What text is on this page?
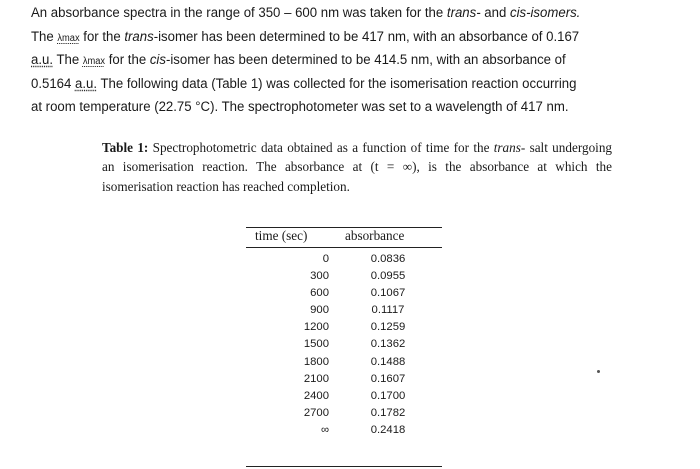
An absorbance spectra in the range of 350 – 600 nm was taken for the trans- and cis-isomers.
The λmax for the trans-isomer has been determined to be 417 nm, with an absorbance of 0.167
a.u. The λmax for the cis-isomer has been determined to be 414.5 nm, with an absorbance of
0.5164 a.u. The following data (Table 1) was collected for the isomerisation reaction occurring
at room temperature (22.75 °C). The spectrophotometer was set to a wavelength of 417 nm.
Table 1: Spectrophotometric data obtained as a function of time for the trans- salt undergoing an isomerisation reaction. The absorbance at (t = ∞), is the absorbance at which the isomerisation reaction has reached completion.
time (sec)	absorbance
0	0.0836
300	0.0955
600	0.1067
900	0.1117
1200	0.1259
1500	0.1362
1800	0.1488
2100	0.1607
2400	0.1700
2700	0.1782
∞	0.2418
